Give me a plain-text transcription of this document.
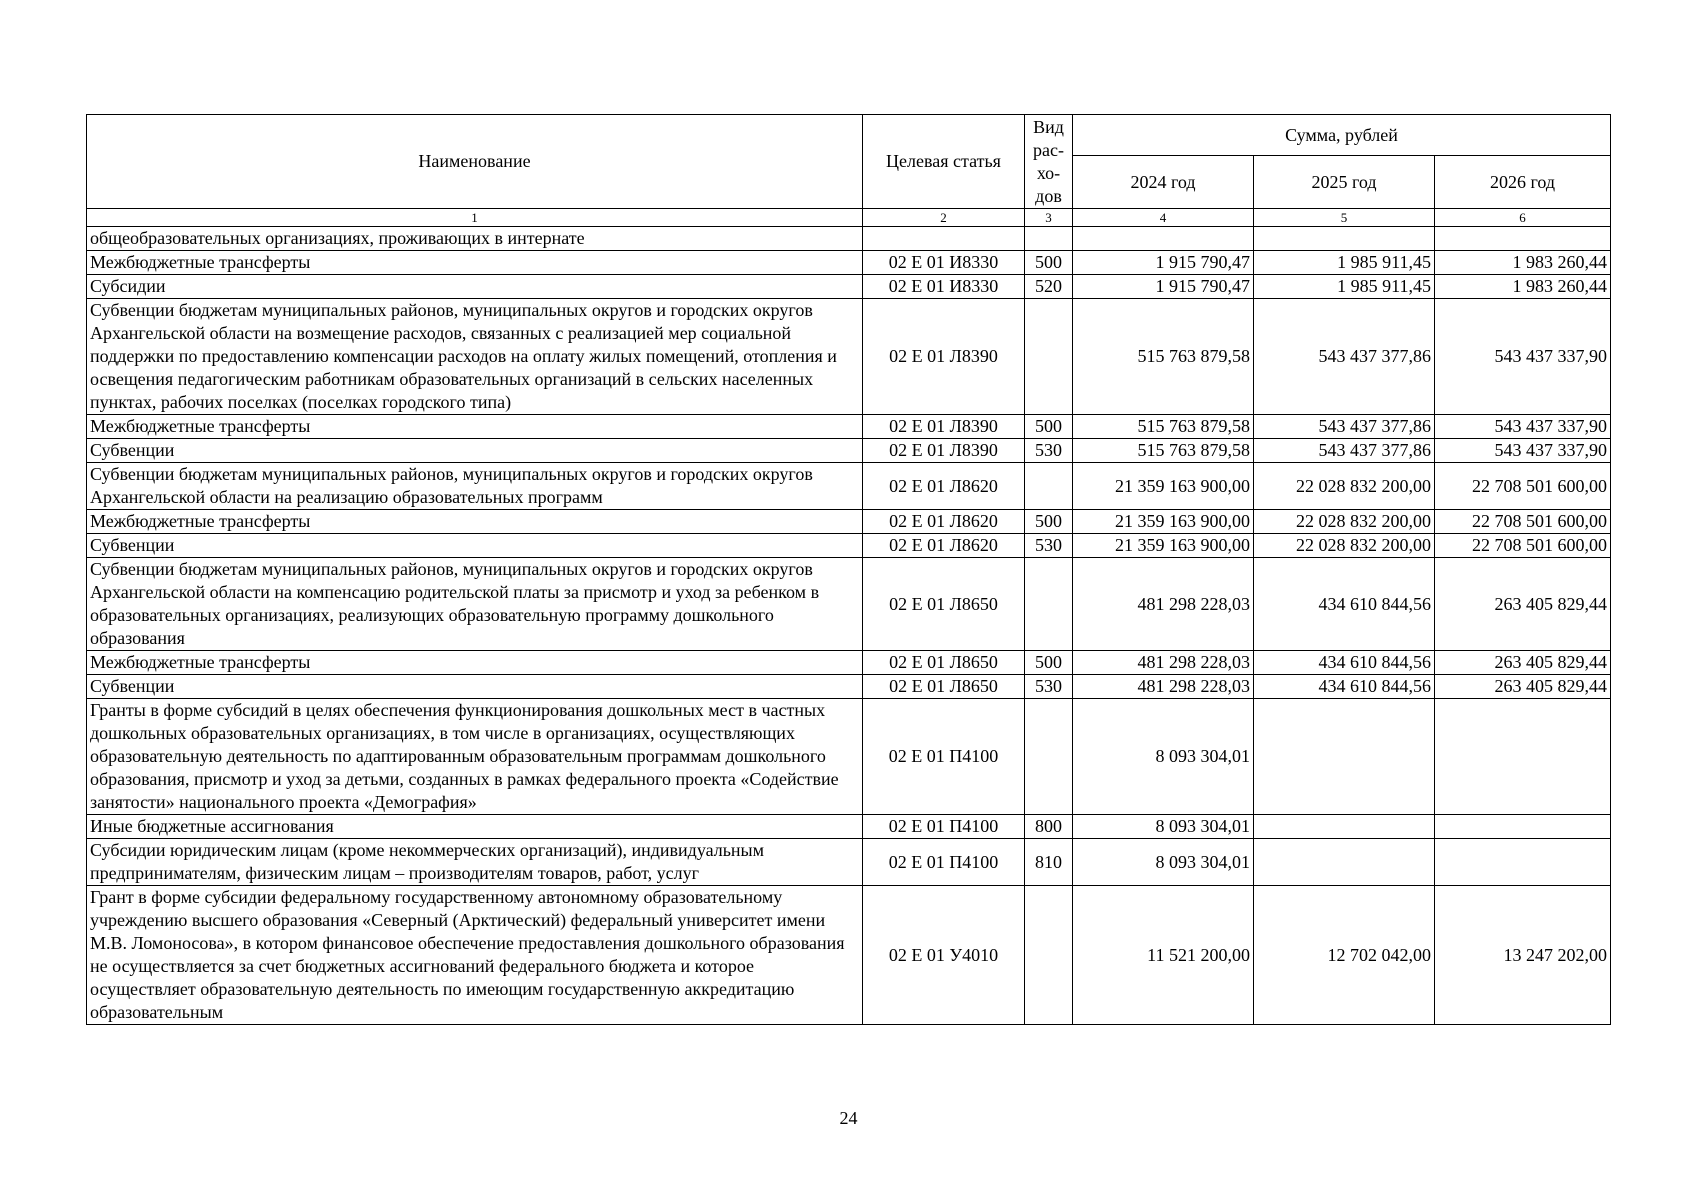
Наименование	Целевая статья	Вид
рас-
хо-
дов	Сумма, рублей		
			2024 год	2025 год	2026 год
1	2	3	4	5	6
общеобразовательных организациях, проживающих в интернате					
Межбюджетные трансферты	02 Е 01 И8330	500	1 915 790,47	1 985 911,45	1 983 260,44
Субсидии	02 Е 01 И8330	520	1 915 790,47	1 985 911,45	1 983 260,44
Субвенции бюджетам муниципальных районов, муниципальных округов и городских округов Архангельской области на возмещение расходов, связанных с реализацией мер социальной поддержки по предоставлению компенсации расходов на оплату жилых помещений, отопления и освещения педагогическим работникам образовательных организаций в сельских населенных пунктах, рабочих поселках (поселках городского типа)	02 Е 01 Л8390		515 763 879,58	543 437 377,86	543 437 337,90
Межбюджетные трансферты	02 Е 01 Л8390	500	515 763 879,58	543 437 377,86	543 437 337,90
Субвенции	02 Е 01 Л8390	530	515 763 879,58	543 437 377,86	543 437 337,90
Субвенции бюджетам муниципальных районов, муниципальных округов и городских округов Архангельской области на реализацию образовательных программ	02 Е 01 Л8620		21 359 163 900,00	22 028 832 200,00	22 708 501 600,00
Межбюджетные трансферты	02 Е 01 Л8620	500	21 359 163 900,00	22 028 832 200,00	22 708 501 600,00
Субвенции	02 Е 01 Л8620	530	21 359 163 900,00	22 028 832 200,00	22 708 501 600,00
Субвенции бюджетам муниципальных районов, муниципальных округов и городских округов Архангельской области на компенсацию родительской платы за присмотр и уход за ребенком в образовательных организациях, реализующих образовательную программу дошкольного образования	02 Е 01 Л8650		481 298 228,03	434 610 844,56	263 405 829,44
Межбюджетные трансферты	02 Е 01 Л8650	500	481 298 228,03	434 610 844,56	263 405 829,44
Субвенции	02 Е 01 Л8650	530	481 298 228,03	434 610 844,56	263 405 829,44
Гранты в форме субсидий в целях обеспечения функционирования дошкольных мест в частных дошкольных образовательных организациях, в том числе в организациях, осуществляющих образовательную деятельность по адаптированным образовательным программам дошкольного образования, присмотр и уход за детьми, созданных в рамках федерального проекта «Содействие занятости» национального проекта «Демография»	02 Е 01 П4100		8 093 304,01		
Иные бюджетные ассигнования	02 Е 01 П4100	800	8 093 304,01		
Субсидии юридическим лицам (кроме некоммерческих организаций), индивидуальным предпринимателям, физическим лицам – производителям товаров, работ, услуг	02 Е 01 П4100	810	8 093 304,01		
Грант в форме субсидии федеральному государственному автономному образовательному учреждению высшего образования «Северный (Арктический) федеральный университет имени М.В. Ломоносова», в котором финансовое обеспечение предоставления дошкольного образования не осуществляется за счет бюджетных ассигнований федерального бюджета и которое осуществляет образовательную деятельность по имеющим государственную аккредитацию образовательным	02 Е 01 У4010		11 521 200,00	12 702 042,00	13 247 202,00
24
